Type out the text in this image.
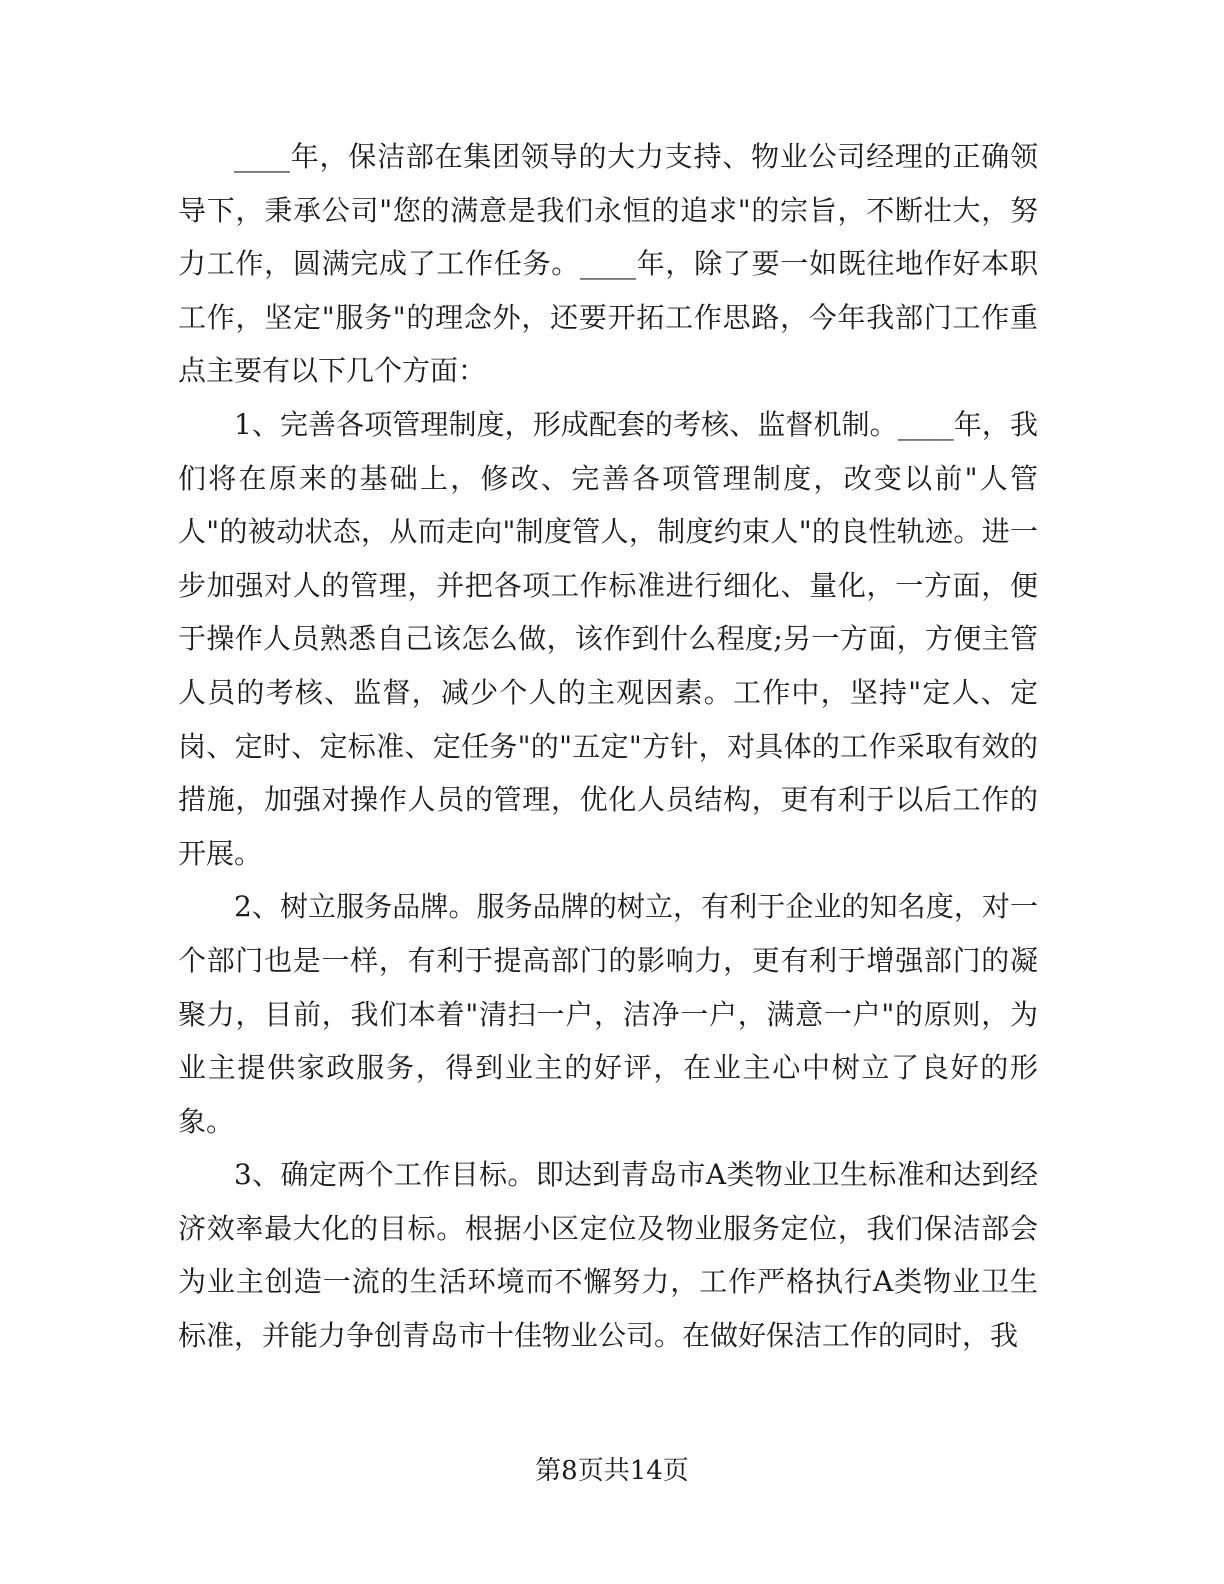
____年，保洁部在集团领导的大力支持、物业公司经理的正确领导下，秉承公司"您的满意是我们永恒的追求"的宗旨，不断壮大，努力工作，圆满完成了工作任务。____年，除了要一如既往地作好本职工作，坚定"服务"的理念外，还要开拓工作思路，今年我部门工作重点主要有以下几个方面：

1、完善各项管理制度，形成配套的考核、监督机制。____年，我们将在原来的基础上，修改、完善各项管理制度，改变以前"人管人"的被动状态，从而走向"制度管人，制度约束人"的良性轨迹。进一步加强对人的管理，并把各项工作标准进行细化、量化，一方面，便于操作人员熟悉自己该怎么做，该作到什么程度;另一方面，方便主管人员的考核、监督，减少个人的主观因素。工作中，坚持"定人、定岗、定时、定标准、定任务"的"五定"方针，对具体的工作采取有效的措施，加强对操作人员的管理，优化人员结构，更有利于以后工作的开展。

2、树立服务品牌。服务品牌的树立，有利于企业的知名度，对一个部门也是一样，有利于提高部门的影响力，更有利于增强部门的凝聚力，目前，我们本着"清扫一户，洁净一户，满意一户"的原则，为业主提供家政服务，得到业主的好评，在业主心中树立了良好的形象。

3、确定两个工作目标。即达到青岛市A类物业卫生标准和达到经济效率最大化的目标。根据小区定位及物业服务定位，我们保洁部会为业主创造一流的生活环境而不懈努力，工作严格执行A类物业卫生标准，并能力争创青岛市十佳物业公司。在做好保洁工作的同时，我

第8页共14页
